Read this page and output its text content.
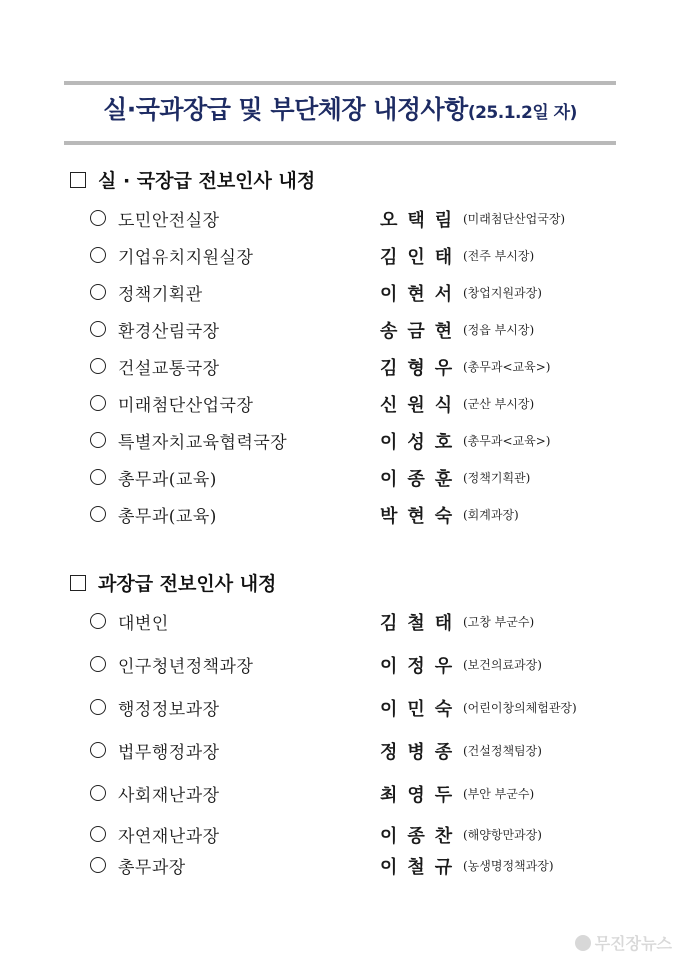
실·국과장급 및 부단체장 내정사항(25.1.2일 자)
실 · 국장급 전보인사 내정
도민안전실장	오택림 (미래첨단산업국장)
기업유치지원실장	김인태 (전주 부시장)
정책기획관	이현서 (창업지원과장)
환경산림국장	송금현 (정읍 부시장)
건설교통국장	김형우 (총무과<교육>)
미래첨단산업국장	신원식 (군산 부시장)
특별자치교육협력국장	이성호 (총무과<교육>)
총무과(교육)	이종훈 (정책기획관)
총무과(교육)	박현숙 (회계과장)
과장급 전보인사 내정
대변인	김철태 (고창 부군수)
인구청년정책과장	이정우 (보건의료과장)
행정정보과장	이민숙 (어린이창의체험관장)
법무행정과장	정병종 (건설정책팀장)
사회재난과장	최영두 (부안 부군수)
자연재난과장	이종찬 (해양항만과장)
총무과장	이철규 (농생명정책과장)
무진장뉴스
